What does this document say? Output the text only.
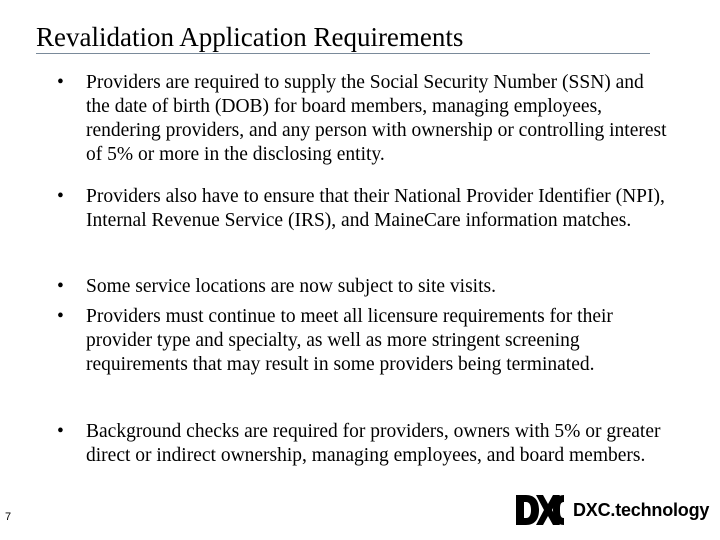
Revalidation Application Requirements
• Providers are required to supply the Social Security Number (SSN) and the date of birth (DOB) for board members, managing employees, rendering providers, and any person with ownership or controlling interest of 5% or more in the disclosing entity.
• Providers also have to ensure that their National Provider Identifier (NPI), Internal Revenue Service (IRS), and MaineCare information matches.
• Some service locations are now subject to site visits.
• Providers must continue to meet all licensure requirements for their provider type and specialty, as well as more stringent screening requirements that may result in some providers being terminated.
• Background checks are required for providers, owners with 5% or greater direct or indirect ownership, managing employees, and board members.
7	DXC.technology
